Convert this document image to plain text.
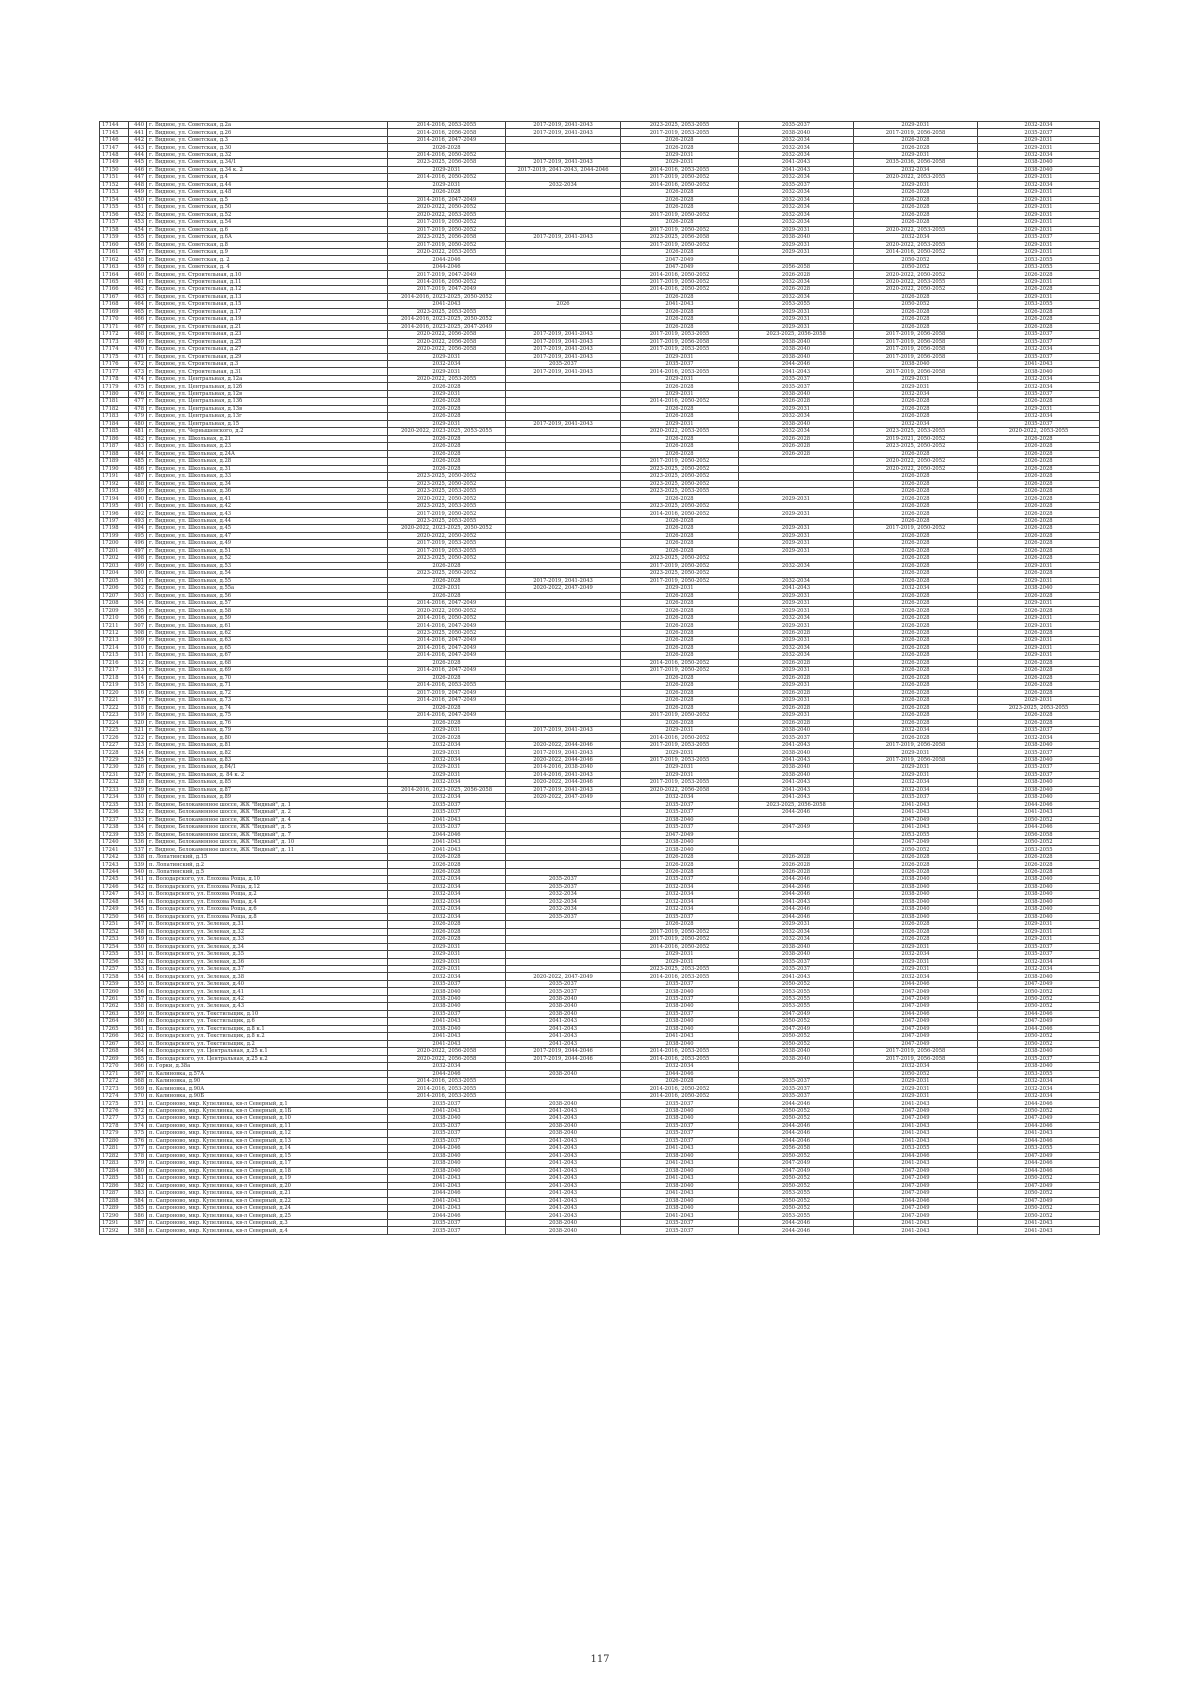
17144	440	г. Видное, ул. Советская, д.2а	2014-2016, 2053-2055	2017-2019, 2041-2043	2023-2025, 2053-2055	2035-2037	2029-2031	2032-2034
17145	441	г. Видное, ул. Советская, д.26	2014-2016, 2056-2058	2017-2019, 2041-2043	2017-2019, 2053-2055	2038-2040	2017-2019, 2056-2058	2035-2037
17146	442	г. Видное, ул. Советская, д.3	2014-2016, 2047-2049		2026-2028	2032-2034	2026-2028	2029-2031
17147	443	г. Видное, ул. Советская, д.30	2026-2028		2026-2028	2032-2034	2026-2028	2029-2031
17148	444	г. Видное, ул. Советская, д.32	2014-2016, 2050-2052		2029-2031	2032-2034	2029-2031	2032-2034
17149	445	г. Видное, ул. Советская, д.34/1	2023-2025, 2056-2058	2017-2019, 2041-2043	2029-2031	2041-2043	2035-2036, 2056-2058	2038-2040
17150	446	г. Видное, ул. Советская, д.34 к. 2	2029-2031	2017-2019, 2041-2043, 2044-2046	2014-2016, 2053-2055	2041-2043	2032-2034	2038-2040
17151	447	г. Видное, ул. Советская, д.4	2014-2016, 2050-2052		2017-2019, 2050-2052	2032-2034	2020-2022, 2053-2055	2029-2031
17152	448	г. Видное, ул. Советская, д.44	2029-2031	2032-2034	2014-2016, 2050-2052	2035-2037	2029-2031	2032-2034
17153	449	г. Видное, ул. Советская, д.48	2026-2028		2026-2028	2032-2034	2026-2028	2029-2031
17154	450	г. Видное, ул. Советская, д.5	2014-2016, 2047-2049		2026-2028	2032-2034	2026-2028	2029-2031
17155	451	г. Видное, ул. Советская, д.50	2020-2022, 2050-2052		2026-2028	2032-2034	2026-2028	2029-2031
17156	452	г. Видное, ул. Советская, д.52	2020-2022, 2053-2055		2017-2019, 2050-2052	2032-2034	2026-2028	2029-2031
17157	453	г. Видное, ул. Советская, д.54	2017-2019, 2050-2052		2026-2028	2032-2034	2026-2028	2029-2031
17158	454	г. Видное, ул. Советская, д.6	2017-2019, 2050-2052		2017-2019, 2050-2052	2029-2031	2020-2022, 2053-2055	2029-2031
17159	455	г. Видное, ул. Советская, д.6А	2023-2025, 2056-2058	2017-2019, 2041-2043	2023-2025, 2056-2058	2038-2040	2032-2034	2035-2037
17160	456	г. Видное, ул. Советская, д.8	2017-2019, 2050-2052		2017-2019, 2050-2052	2029-2031	2020-2022, 2053-2055	2029-2031
17161	457	г. Видное, ул. Советская, д.9	2020-2022, 2053-2055		2026-2028	2029-2031	2014-2016, 2050-2052	2029-2031
17162	458	г. Видное, ул. Советская, д. 2	2044-2046		2047-2049		2050-2052	2053-2055
17163	459	г. Видное, ул. Советская, д. 4	2044-2046		2047-2049	2056-2058	2050-2052	2053-2055
17164	460	г. Видное, ул. Строительная, д.10	2017-2019, 2047-2049		2014-2016, 2050-2052	2026-2028	2020-2022, 2050-2052	2026-2028
17165	461	г. Видное, ул. Строительная, д.11	2014-2016, 2050-2052		2017-2019, 2050-2052	2032-2034	2020-2022, 2053-2055	2029-2031
17166	462	г. Видное, ул. Строительная, д.12	2017-2019, 2047-2049		2014-2016, 2050-2052	2026-2028	2020-2022, 2050-2052	2026-2028
17167	463	г. Видное, ул. Строительная, д.13	2014-2016, 2023-2025, 2050-2052		2026-2028	2032-2034	2026-2028	2029-2031
17168	464	г. Видное, ул. Строительная, д.15	2041-2043	2026	2041-2043	2053-2055	2050-2052	2053-2055
17169	465	г. Видное, ул. Строительная, д.17	2023-2025, 2053-2055		2026-2028	2029-2031	2026-2028	2026-2028
17170	466	г. Видное, ул. Строительная, д.19	2014-2016, 2023-2025, 2050-2052		2026-2028	2029-2031	2026-2028	2026-2028
17171	467	г. Видное, ул. Строительная, д.21	2014-2016, 2023-2025, 2047-2049		2026-2028	2029-2031	2026-2028	2026-2028
17172	468	г. Видное, ул. Строительная, д.23	2020-2022, 2056-2058	2017-2019, 2041-2043	2017-2019, 2053-2055	2023-2025, 2056-2058	2017-2019, 2056-2058	2035-2037
17173	469	г. Видное, ул. Строительная, д.25	2020-2022, 2056-2058	2017-2019, 2041-2043	2017-2019, 2056-2058	2038-2040	2017-2019, 2056-2058	2035-2037
17174	470	г. Видное, ул. Строительная, д.27	2020-2022, 2056-2058	2017-2019, 2041-2043	2017-2019, 2053-2055	2038-2040	2017-2019, 2056-2058	2032-2034
17175	471	г. Видное, ул. Строительная, д.29	2029-2031	2017-2019, 2041-2043	2029-2031	2038-2040	2017-2019, 2056-2058	2035-2037
17176	472	г. Видное, ул. Строительная, д.3	2032-2034	2035-2037	2035-2037	2044-2046	2038-2040	2041-2043
17177	473	г. Видное, ул. Строительная, д.31	2029-2031	2017-2019, 2041-2043	2014-2016, 2053-2055	2041-2043	2017-2019, 2056-2058	2038-2040
17178	474	г. Видное, ул. Центральная, д.12а	2020-2022, 2053-2055		2029-2031	2035-2037	2029-2031	2032-2034
17179	475	г. Видное, ул. Центральная, д.12б	2026-2028		2026-2028	2035-2037	2029-2031	2032-2034
17180	476	г. Видное, ул. Центральная, д.12в	2029-2031		2029-2031	2038-2040	2032-2034	2035-2037
17181	477	г. Видное, ул. Центральная, д.13б	2026-2028		2014-2016, 2050-2052	2026-2028	2026-2028	2026-2028
17182	478	г. Видное, ул. Центральная, д.13в	2026-2028		2026-2028	2029-2031	2026-2028	2029-2031
17183	479	г. Видное, ул. Центральная, д.13г	2026-2028		2026-2028	2032-2034	2026-2028	2032-2034
17184	480	г. Видное, ул. Центральная, д.15	2029-2031	2017-2019, 2041-2043	2029-2031	2038-2040	2032-2034	2035-2037
17185	481	г. Видное, ул. Чернышевского, д.2	2020-2022, 2023-2025, 2053-2055		2020-2022, 2053-2055	2032-2034	2023-2025, 2053-2055	2020-2022, 2053-2055
17186	482	г. Видное, ул. Школьная, д.21	2026-2028		2026-2028	2026-2028	2019-2021, 2050-2052	2026-2028
17187	483	г. Видное, ул. Школьная, д.23	2026-2028		2026-2028	2026-2028	2023-2025, 2050-2052	2026-2028
17188	484	г. Видное, ул. Школьная, д.24А	2026-2028		2026-2028	2026-2028	2026-2028	2026-2028
17189	485	г. Видное, ул. Школьная, д.28	2026-2028		2017-2019, 2050-2052		2020-2022, 2050-2052	2026-2028
17190	486	г. Видное, ул. Школьная, д.31	2026-2028		2023-2025, 2050-2052		2020-2022, 2050-2052	2026-2028
17191	487	г. Видное, ул. Школьная, д.33	2023-2025, 2050-2052		2023-2025, 2050-2052		2026-2028	2026-2028
17192	488	г. Видное, ул. Школьная, д.34	2023-2025, 2050-2052		2023-2025, 2050-2052		2026-2028	2026-2028
17193	489	г. Видное, ул. Школьная, д.36	2023-2025, 2053-2055		2023-2025, 2053-2055		2026-2028	2026-2028
17194	490	г. Видное, ул. Школьная, д.41	2020-2022, 2050-2052		2026-2028	2029-2031	2026-2028	2026-2028
17195	491	г. Видное, ул. Школьная, д.42	2023-2025, 2053-2055		2023-2025, 2050-2052		2026-2028	2026-2028
17196	492	г. Видное, ул. Школьная, д.43	2017-2019, 2050-2052		2014-2016, 2050-2052	2029-2031	2026-2028	2026-2028
17197	493	г. Видное, ул. Школьная, д.44	2023-2025, 2053-2055		2026-2028		2026-2028	2026-2028
17198	494	г. Видное, ул. Школьная, д.45	2020-2022, 2023-2025, 2050-2052		2026-2028	2029-2031	2017-2019, 2050-2052	2026-2028
17199	495	г. Видное, ул. Школьная, д.47	2020-2022, 2050-2052		2026-2028	2029-2031	2026-2028	2026-2028
17200	496	г. Видное, ул. Школьная, д.49	2017-2019, 2053-2055		2026-2028	2029-2031	2026-2028	2026-2028
17201	497	г. Видное, ул. Школьная, д.51	2017-2019, 2053-2055		2026-2028	2029-2031	2026-2028	2026-2028
17202	498	г. Видное, ул. Школьная, д.52	2023-2025, 2050-2052		2023-2025, 2050-2052		2026-2028	2026-2028
17203	499	г. Видное, ул. Школьная, д.53	2026-2028		2017-2019, 2050-2052	2032-2034	2026-2028	2029-2031
17204	500	г. Видное, ул. Школьная, д.54	2023-2025, 2050-2052		2023-2025, 2050-2052		2026-2028	2026-2028
17205	501	г. Видное, ул. Школьная, д.55	2026-2028	2017-2019, 2041-2043	2017-2019, 2050-2052	2032-2034	2026-2028	2029-2031
17206	502	г. Видное, ул. Школьная, д.55а	2029-2031	2020-2022, 2047-2049	2029-2031	2041-2043	2032-2034	2038-2040
17207	503	г. Видное, ул. Школьная, д.56	2026-2028		2026-2028	2029-2031	2026-2028	2026-2028
17208	504	г. Видное, ул. Школьная, д.57	2014-2016, 2047-2049		2026-2028	2029-2031	2026-2028	2029-2031
17209	505	г. Видное, ул. Школьная, д.58	2020-2022, 2050-2052		2026-2028	2029-2031	2026-2028	2026-2028
17210	506	г. Видное, ул. Школьная, д.59	2014-2016, 2050-2052		2026-2028	2032-2034	2026-2028	2029-2031
17211	507	г. Видное, ул. Школьная, д.61	2014-2016, 2047-2049		2026-2028	2029-2031	2026-2028	2029-2031
17212	508	г. Видное, ул. Школьная, д.62	2023-2025, 2050-2052		2026-2028	2026-2028	2026-2028	2026-2028
17213	509	г. Видное, ул. Школьная, д.63	2014-2016, 2047-2049		2026-2028	2029-2031	2026-2028	2029-2031
17214	510	г. Видное, ул. Школьная, д.65	2014-2016, 2047-2049		2026-2028	2032-2034	2026-2028	2029-2031
17215	511	г. Видное, ул. Школьная, д.67	2014-2016, 2047-2049		2026-2028	2032-2034	2026-2028	2029-2031
17216	512	г. Видное, ул. Школьная, д.68	2026-2028		2014-2016, 2050-2052	2026-2028	2026-2028	2026-2028
17217	513	г. Видное, ул. Школьная, д.69	2014-2016, 2047-2049		2017-2019, 2050-2052	2029-2031	2026-2028	2026-2028
17218	514	г. Видное, ул. Школьная, д.70	2026-2028		2026-2028	2026-2028	2026-2028	2026-2028
17219	515	г. Видное, ул. Школьная, д.71	2014-2016, 2053-2055		2026-2028	2029-2031	2026-2028	2026-2028
17220	516	г. Видное, ул. Школьная, д.72	2017-2019, 2047-2049		2026-2028	2026-2028	2026-2028	2026-2028
17221	517	г. Видное, ул. Школьная, д.73	2014-2016, 2047-2049		2026-2028	2029-2031	2026-2028	2029-2031
17222	518	г. Видное, ул. Школьная, д.74	2026-2028		2026-2028	2026-2028	2026-2028	2023-2025, 2053-2055
17223	519	г. Видное, ул. Школьная, д.75	2014-2016, 2047-2049		2017-2019, 2050-2052	2029-2031	2026-2028	2026-2028
17224	520	г. Видное, ул. Школьная, д.76	2026-2028		2026-2028	2026-2028	2026-2028	2026-2028
17225	521	г. Видное, ул. Школьная, д.79	2029-2031	2017-2019, 2041-2043	2029-2031	2038-2040	2032-2034	2035-2037
17226	522	г. Видное, ул. Школьная, д.80	2026-2028		2014-2016, 2050-2052	2035-2037	2026-2028	2032-2034
17227	523	г. Видное, ул. Школьная, д.81	2032-2034	2020-2022, 2044-2046	2017-2019, 2053-2055	2041-2043	2017-2019, 2056-2058	2038-2040
17228	524	г. Видное, ул. Школьная, д.82	2029-2031	2017-2019, 2041-2043	2029-2031	2038-2040	2029-2031	2035-2037
17229	525	г. Видное, ул. Школьная, д.83	2032-2034	2020-2022, 2044-2046	2017-2019, 2053-2055	2041-2043	2017-2019, 2056-2058	2038-2040
17230	526	г. Видное, ул. Школьная, д.84/1	2029-2031	2014-2016, 2038-2040	2029-2031	2038-2040	2029-2031	2035-2037
17231	527	г. Видное, ул. Школьная, д. 84 к. 2	2029-2031	2014-2016, 2041-2043	2029-2031	2038-2040	2029-2031	2035-2037
17232	528	г. Видное, ул. Школьная, д.85	2032-2034	2020-2022, 2044-2046	2017-2019, 2053-2055	2041-2043	2032-2034	2038-2040
17233	529	г. Видное, ул. Школьная, д.87	2014-2016, 2023-2025, 2056-2058	2017-2019, 2041-2043	2020-2022, 2056-2058	2041-2043	2032-2034	2038-2040
17234	530	г. Видное, ул. Школьная, д.89	2032-2034	2020-2022, 2047-2049	2032-2034	2041-2043	2035-2037	2038-2040
17235	531	г. Видное, Белокаменное шоссе, ЖК "Видный", д. 1	2035-2037		2035-2037	2023-2025, 2056-2058	2041-2043	2044-2046
17236	532	г. Видное, Белокаменное шоссе, ЖК "Видный", д. 2	2035-2037		2035-2037	2044-2046	2041-2043	2041-2043
17237	533	г. Видное, Белокаменное шоссе, ЖК "Видный", д. 4	2041-2043		2038-2040		2047-2049	2050-2052
17238	534	г. Видное, Белокаменное шоссе, ЖК "Видный", д. 5	2035-2037		2035-2037	2047-2049	2041-2043	2044-2046
17239	535	г. Видное, Белокаменное шоссе, ЖК "Видный", д. 7	2044-2046		2047-2049		2053-2055	2056-2058
17240	536	г. Видное, Белокаменное шоссе, ЖК "Видный", д. 10	2041-2043		2038-2040		2047-2049	2050-2052
17241	537	г. Видное, Белокаменное шоссе, ЖК "Видный", д. 11	2041-2043		2038-2040		2050-2052	2053-2055
17242	538	п. Лопатинский, д.15	2026-2028		2026-2028	2026-2028	2026-2028	2026-2028
17243	539	п. Лопатинский, д.2	2026-2028		2026-2028	2026-2028	2026-2028	2026-2028
17244	540	п. Лопатинский, д.5	2026-2028		2026-2028	2026-2028	2026-2028	2026-2028
17245	541	п. Володарского, ул. Елохова Роща, д.10	2032-2034	2035-2037	2035-2037	2044-2046	2038-2040	2038-2040
17246	542	п. Володарского, ул. Елохова Роща, д.12	2032-2034	2035-2037	2032-2034	2044-2046	2038-2040	2038-2040
17247	543	п. Володарского, ул. Елохова Роща, д.2	2032-2034	2032-2034	2032-2034	2044-2046	2038-2040	2038-2040
17248	544	п. Володарского, ул. Елохова Роща, д.4	2032-2034	2032-2034	2032-2034	2041-2043	2038-2040	2038-2040
17249	545	п. Володарского, ул. Елохова Роща, д.6	2032-2034	2032-2034	2032-2034	2044-2046	2038-2040	2038-2040
17250	546	п. Володарского, ул. Елохова Роща, д.8	2032-2034	2035-2037	2035-2037	2044-2046	2038-2040	2038-2040
17251	547	п. Володарского, ул. Зеленая, д.31	2026-2028		2026-2028	2029-2031	2026-2028	2029-2031
17252	548	п. Володарского, ул. Зеленая, д.32	2026-2028		2017-2019, 2050-2052	2032-2034	2026-2028	2029-2031
17253	549	п. Володарского, ул. Зеленая, д.33	2026-2028		2017-2019, 2050-2052	2032-2034	2026-2028	2029-2031
17254	550	п. Володарского, ул. Зеленая, д.34	2029-2031		2014-2016, 2050-2052	2038-2040	2029-2031	2035-2037
17255	551	п. Володарского, ул. Зеленая, д.35	2029-2031		2029-2031	2038-2040	2032-2034	2035-2037
17256	552	п. Володарского, ул. Зеленая, д.36	2029-2031		2029-2031	2035-2037	2029-2031	2032-2034
17257	553	п. Володарского, ул. Зеленая, д.37	2029-2031		2023-2025, 2053-2055	2035-2037	2029-2031	2032-2034
17258	554	п. Володарского, ул. Зеленая, д.38	2032-2034	2020-2022, 2047-2049	2014-2016, 2053-2055	2041-2043	2032-2034	2038-2040
17259	555	п. Володарского, ул. Зеленая, д.40	2035-2037	2035-2037	2035-2037	2050-2052	2044-2046	2047-2049
17260	556	п. Володарского, ул. Зеленая, д.41	2038-2040	2035-2037	2038-2040	2053-2055	2047-2049	2050-2052
17261	557	п. Володарского, ул. Зеленая, д.42	2038-2040	2038-2040	2035-2037	2053-2055	2047-2049	2050-2052
17262	558	п. Володарского, ул. Зеленая, д.43	2038-2040	2038-2040	2038-2040	2053-2055	2047-2049	2050-2052
17263	559	п. Володарского, ул. Текстильщик, д.10	2035-2037	2038-2040	2035-2037	2047-2049	2044-2046	2044-2046
17264	560	п. Володарского, ул. Текстильщик, д.6	2041-2043	2041-2043	2038-2040	2050-2052	2047-2049	2047-2049
17265	561	п. Володарского, ул. Текстильщик, д.8 к.1	2038-2040	2041-2043	2038-2040	2047-2049	2047-2049	2044-2046
17266	562	п. Володарского, ул. Текстильщик, д.8 к.2	2041-2043	2041-2043	2041-2043	2050-2052	2047-2049	2050-2052
17267	563	п. Володарского, ул. Текстильщик, д.2	2041-2043	2041-2043	2038-2040	2050-2052	2047-2049	2050-2052
17268	564	п. Володарского, ул. Центральная, д.25 к.1	2020-2022, 2056-2058	2017-2019, 2044-2046	2014-2016, 2053-2055	2038-2040	2017-2019, 2056-2058	2038-2040
17269	565	п. Володарского, ул. Центральная, д.25 к.2	2020-2022, 2056-2058	2017-2019, 2044-2046	2014-2016, 2053-2055	2038-2040	2017-2019, 2056-2058	2035-2037
17270	566	п. Горки, д.38а	2032-2034		2032-2034		2032-2034	2038-2040
17271	567	п. Калиновка, д.57А	2044-2046	2038-2040	2044-2046		2050-2052	2053-2055
17272	568	п. Калиновка, д.90	2014-2016, 2053-2055		2026-2028	2035-2037	2029-2031	2032-2034
17273	569	п. Калиновка, д.90А	2014-2016, 2053-2055		2014-2016, 2050-2052	2035-2037	2029-2031	2032-2034
17274	570	п. Калиновка, д.90Б	2014-2016, 2053-2055		2014-2016, 2050-2052	2035-2037	2029-2031	2032-2034
17275	571	п. Сапроново, мкр. Купелинка, кв-л Северный, д.1	2035-2037	2038-2040	2035-2037	2044-2046	2041-2043	2044-2046
17276	572	п. Сапроново, мкр. Купелинка, кв-л Северный, д.1Б	2041-2043	2041-2043	2038-2040	2050-2052	2047-2049	2050-2052
17277	573	п. Сапроново, мкр. Купелинка, кв-л Северный, д.10	2038-2040	2041-2043	2038-2040	2050-2052	2047-2049	2047-2049
17278	574	п. Сапроново, мкр. Купелинка, кв-л Северный, д.11	2035-2037	2038-2040	2035-2037	2044-2046	2041-2043	2044-2046
17279	575	п. Сапроново, мкр. Купелинка, кв-л Северный, д.12	2035-2037	2038-2040	2035-2037	2044-2046	2041-2043	2041-2043
17280	576	п. Сапроново, мкр. Купелинка, кв-л Северный, д.13	2035-2037	2041-2043	2035-2037	2044-2046	2041-2043	2044-2046
17281	577	п. Сапроново, мкр. Купелинка, кв-л Северный, д.14	2044-2046	2041-2043	2041-2043	2056-2058	2053-2055	2053-2055
17282	578	п. Сапроново, мкр. Купелинка, кв-л Северный, д.15	2038-2040	2041-2043	2038-2040	2050-2052	2044-2046	2047-2049
17283	579	п. Сапроново, мкр. Купелинка, кв-л Северный, д.17	2038-2040	2041-2043	2041-2043	2047-2049	2041-2043	2044-2046
17284	580	п. Сапроново, мкр. Купелинка, кв-л Северный, д.18	2038-2040	2041-2043	2038-2040	2047-2049	2047-2049	2044-2046
17285	581	п. Сапроново, мкр. Купелинка, кв-л Северный, д.19	2041-2043	2041-2043	2041-2043	2050-2052	2047-2049	2050-2052
17286	582	п. Сапроново, мкр. Купелинка, кв-л Северный, д.20	2041-2043	2041-2043	2038-2040	2050-2052	2047-2049	2047-2049
17287	583	п. Сапроново, мкр. Купелинка, кв-л Северный, д.21	2044-2046	2041-2043	2041-2043	2053-2055	2047-2049	2050-2052
17288	584	п. Сапроново, мкр. Купелинка, кв-л Северный, д.22	2041-2043	2041-2043	2038-2040	2050-2052	2044-2046	2047-2049
17289	585	п. Сапроново, мкр. Купелинка, кв-л Северный, д.24	2041-2043	2041-2043	2038-2040	2050-2052	2047-2049	2050-2052
17290	586	п. Сапроново, мкр. Купелинка, кв-л Северный, д.25	2044-2046	2041-2043	2041-2043	2053-2055	2047-2049	2050-2052
17291	587	п. Сапроново, мкр. Купелинка, кв-л Северный, д.3	2035-2037	2038-2040	2035-2037	2044-2046	2041-2043	2041-2043
17292	588	п. Сапроново, мкр. Купелинка, кв-л Северный, д.4	2035-2037	2038-2040	2035-2037	2044-2046	2041-2043	2041-2043
117
